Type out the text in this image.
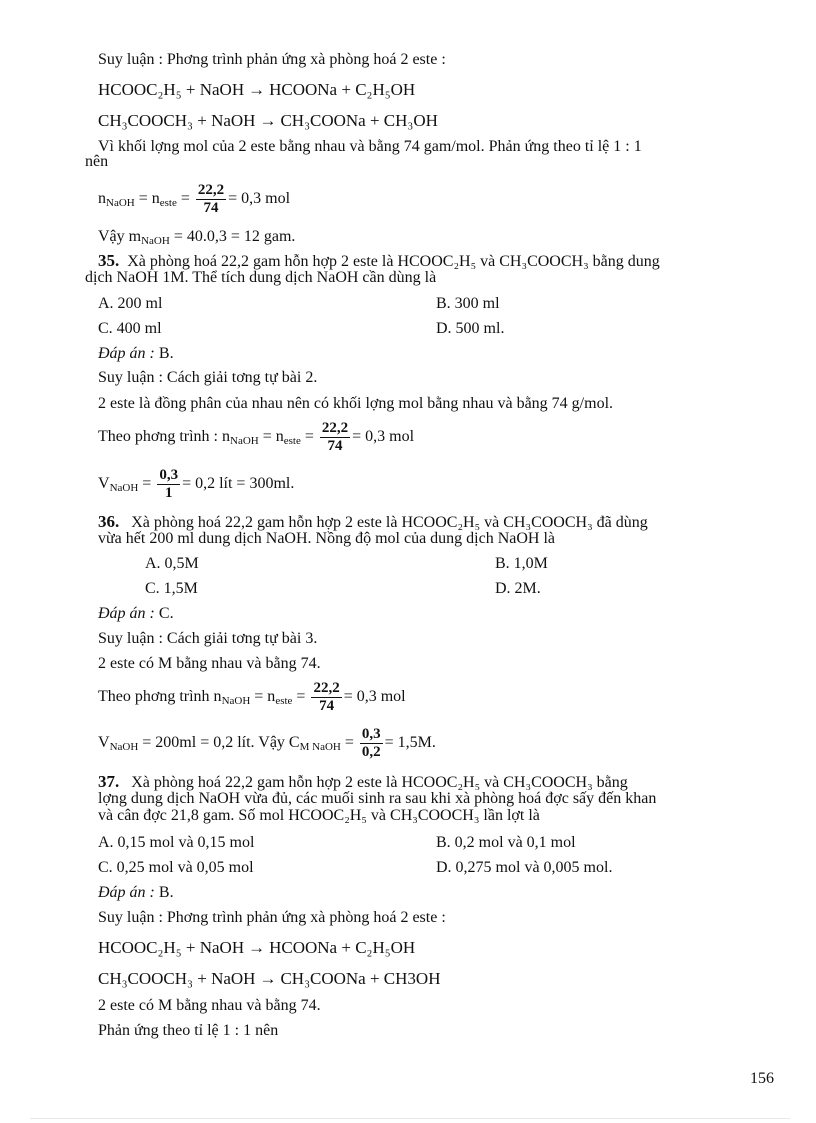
Suy luận : Phơng trình phản ứng xà phòng hoá 2 este :
HCOOC₂H₅ + NaOH → HCOONa + C₂H₅OH
CH₃COOCH₃ + NaOH → CH₃COONa + CH₃OH
Vì khối lợng mol của 2 este bằng nhau và bằng 74 gam/mol. Phản ứng theo tỉ lệ 1 : 1
nên
$n_{NaOH} = n_{este} = \frac{22,2}{74} = 0,3$ mol
Vậy $m_{NaOH} = 40.0,3 = 12$ gam.
35. Xà phòng hoá 22,2 gam hỗn hợp 2 este là HCOOC₂H₅ và CH₃COOCH₃ bằng dung
dịch NaOH 1M. Thể tích dung dịch NaOH cần dùng là
A. 200 ml	B. 300 ml
C. 400 ml	D. 500 ml.
Đáp án : B.
Suy luận : Cách giải tơng tự bài 2.
2 este là đồng phân của nhau nên có khối lợng mol bằng nhau và bằng 74 g/mol.
Theo phơng trình : $n_{NaOH} = n_{este} = \frac{22,2}{74} = 0,3$ mol
$V_{NaOH} = \frac{0,3}{1} = 0,2$ lít = 300ml.
36. Xà phòng hoá 22,2 gam hỗn hợp 2 este là HCOOC₂H₅ và CH₃COOCH₃ đã dùng
vừa hết 200 ml dung dịch NaOH. Nồng độ mol của dung dịch NaOH là
A. 0,5M	B. 1,0M
C. 1,5M	D. 2M.
Đáp án : C.
Suy luận : Cách giải tơng tự bài 3.
2 este có M bằng nhau và bằng 74.
Theo phơng trình $n_{NaOH} = n_{este} = \frac{22,2}{74} = 0,3$ mol
$V_{NaOH} = 200ml = 0,2$ lít. Vậy $C_{M NaOH} = \frac{0,3}{0,2} = 1,5M$.
37. Xà phòng hoá 22,2 gam hỗn hợp 2 este là HCOOC₂H₅ và CH₃COOCH₃ bằng
lợng dung dịch NaOH vừa đủ, các muối sinh ra sau khi xà phòng hoá đợc sấy đến khan
và cân đợc 21,8 gam. Số mol HCOOC₂H₅ và CH₃COOCH₃ lần lợt là
A. 0,15 mol và 0,15 mol	B. 0,2 mol và 0,1 mol
C. 0,25 mol và 0,05 mol	D. 0,275 mol và 0,005 mol.
Đáp án : B.
Suy luận : Phơng trình phản ứng xà phòng hoá 2 este :
HCOOC₂H₅ + NaOH → HCOONa + C₂H₅OH
CH₃COOCH₃ + NaOH → CH₃COONa + CH3OH
2 este có M bằng nhau và bằng 74.
Phản ứng theo tỉ lệ 1 : 1 nên
156
